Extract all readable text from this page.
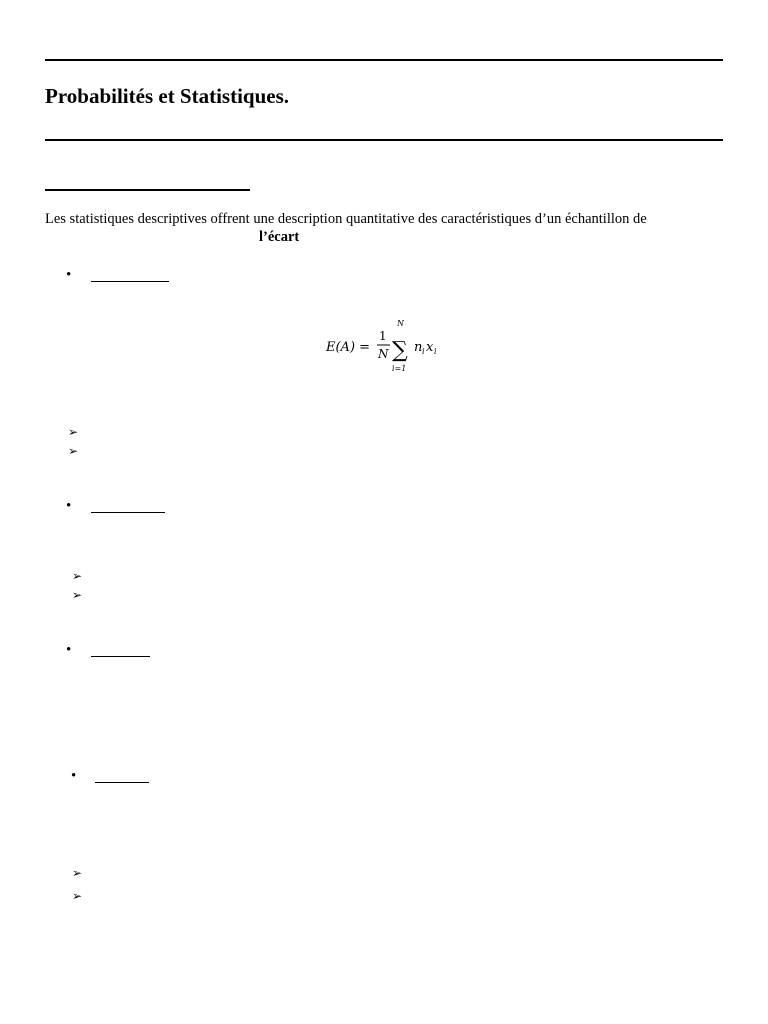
Probabilités et Statistiques.

Les statistiques descriptives offrent une description quantitative des caractéristiques d’un échantillon de

l’écart

•
E(A) =
1
N
N
∑
i=1
n i x i
➢
➢
•
➢
➢
•
•
➢
➢
